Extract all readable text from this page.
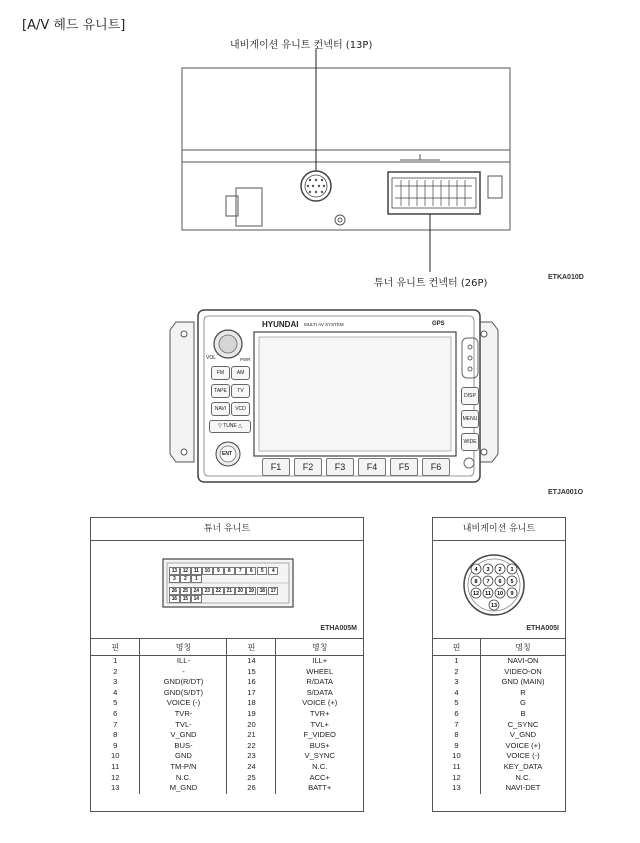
[A/V 헤드 유니트]
내비게이션 유니트 컨넥터 (13P)
튜너 유니트 컨넥터 (26P)
ETKA010D
HYUNDAI MULTI AV SYSTEM	GPS
VOL	PWR
FM	AM
TAPE	TV
NAVI	VCD
▽ TUNE △
ENT
DISP
MENU
WIDE
F1	F2	F3	F4	F5	F6
ETJA001O
튜너 유니트
13 12 11 10 9 8 7 6 5 43 2 1
26 25 24 23 22 21 20 19 18 1716 15 14
ETHA005M
핀	명칭	핀	명칭
1	ILL-	14	ILL+
2	-	15	WHEEL
3	GND(R/DT)	16	R/DATA
4	GND(S/DT)	17	S/DATA
5	VOICE (-)	18	VOICE (+)
6	TVR-	19	TVR+
7	TVL-	20	TVL+
8	V_GND	21	F_VIDEO
9	BUS-	22	BUS+
10	GND	23	V_SYNC
11	TM-P/N	24	N.C.
12	N.C.	25	ACC+
13	M_GND	26	BATT+
내비게이션 유니트
4 3 2 1
8 7 6 5
12 11 10 9
13
ETHA005I
핀	명칭
1	NAVI-ON
2	VIDEO-ON
3	GND (MAIN)
4	R
5	G
6	B
7	C_SYNC
8	V_GND
9	VOICE (+)
10	VOICE (-)
11	KEY_DATA
12	N.C.
13	NAVI-DET
